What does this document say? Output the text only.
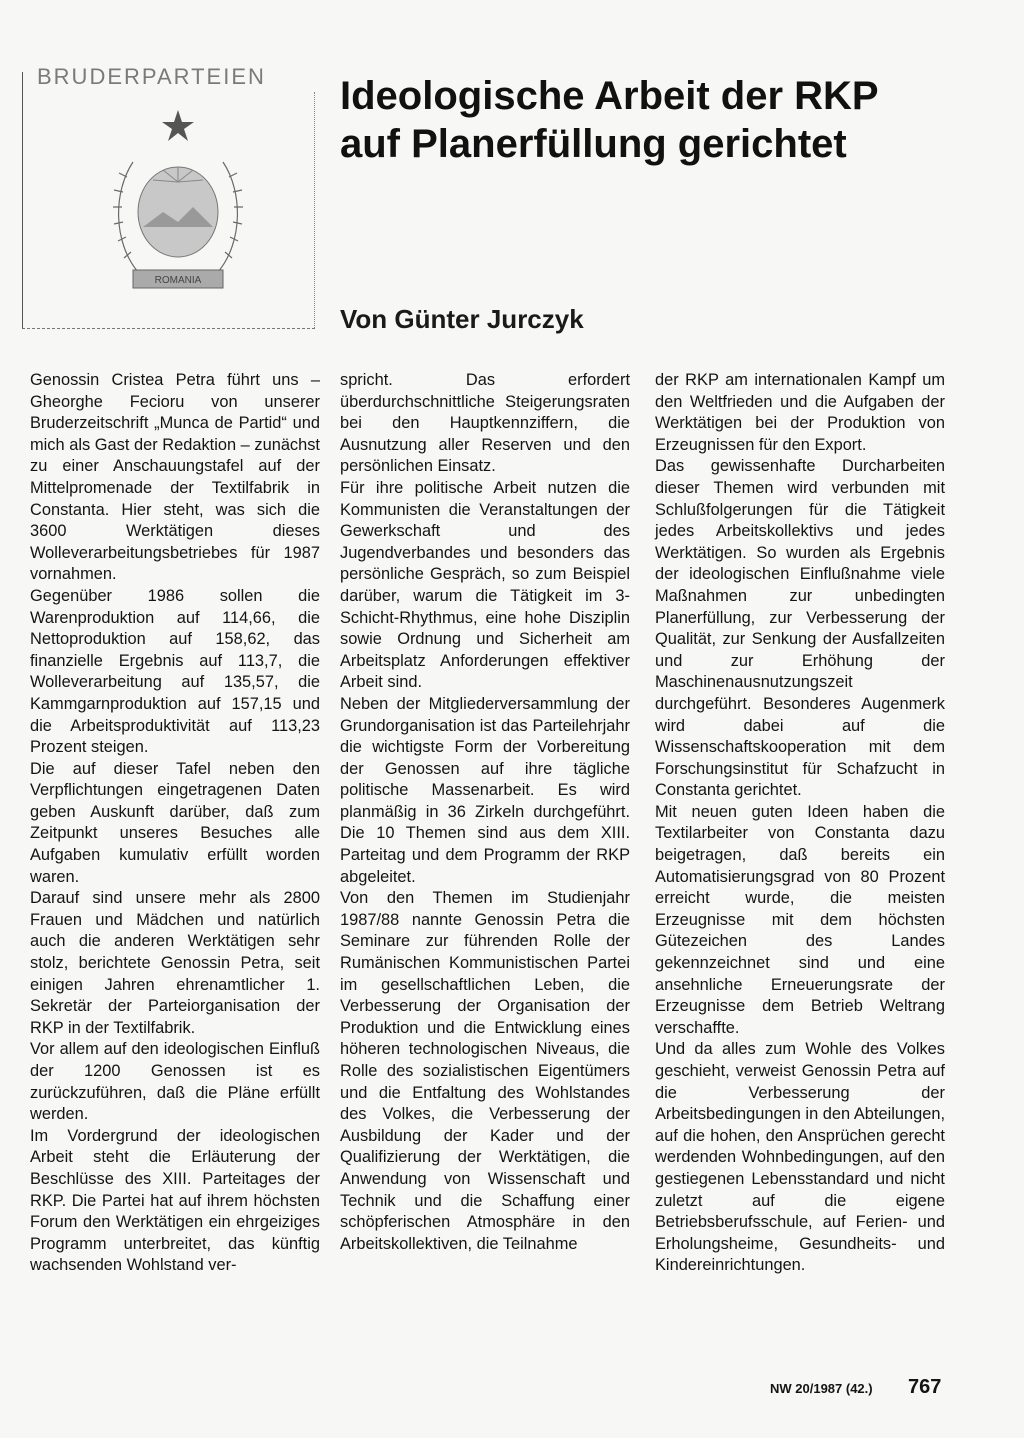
BRUDERPARTEIEN
ROMANIA
Ideologische Arbeit der RKP
auf Planerfüllung gerichtet
Von Günter Jurczyk

Genossin Cristea Petra führt uns – Gheorghe Fecioru von unserer Bruderzeitschrift „Munca de Partid“ und mich als Gast der Redaktion – zunächst zu einer Anschauungstafel auf der Mittelpromenade der Textilfabrik in Constanta. Hier steht, was sich die 3600 Werktätigen dieses Wolleverarbeitungsbetriebes für 1987 vornahmen.

Gegenüber 1986 sollen die Warenproduktion auf 114,66, die Nettoproduktion auf 158,62, das finanzielle Ergebnis auf 113,7, die Wolleverarbeitung auf 135,57, die Kammgarnproduktion auf 157,15 und die Arbeitsproduktivität auf 113,23 Prozent steigen.

Die auf dieser Tafel neben den Verpflichtungen eingetragenen Daten geben Auskunft darüber, daß zum Zeitpunkt unseres Besuches alle Aufgaben kumulativ erfüllt worden waren.

Darauf sind unsere mehr als 2800 Frauen und Mädchen und natürlich auch die anderen Werktätigen sehr stolz, berichtete Genossin Petra, seit einigen Jahren ehrenamtlicher 1. Sekretär der Parteiorganisation der RKP in der Textilfabrik.

Vor allem auf den ideologischen Einfluß der 1200 Genossen ist es zurückzuführen, daß die Pläne erfüllt werden.

Im Vordergrund der ideologischen Arbeit steht die Erläuterung der Beschlüsse des XIII. Parteitages der RKP. Die Partei hat auf ihrem höchsten Forum den Werktätigen ein ehrgeiziges Programm unterbreitet, das künftig wachsenden Wohlstand ver-

spricht. Das erfordert überdurchschnittliche Steigerungsraten bei den Hauptkennziffern, die Ausnutzung aller Reserven und den persönlichen Einsatz.

Für ihre politische Arbeit nutzen die Kommunisten die Veranstaltungen der Gewerkschaft und des Jugendverbandes und besonders das persönliche Gespräch, so zum Beispiel darüber, warum die Tätigkeit im 3-Schicht-Rhythmus, eine hohe Disziplin sowie Ordnung und Sicherheit am Arbeitsplatz Anforderungen effektiver Arbeit sind.

Neben der Mitgliederversammlung der Grundorganisation ist das Parteilehrjahr die wichtigste Form der Vorbereitung der Genossen auf ihre tägliche politische Massenarbeit. Es wird planmäßig in 36 Zirkeln durchgeführt. Die 10 Themen sind aus dem XIII. Parteitag und dem Programm der RKP abgeleitet.

Von den Themen im Studienjahr 1987/88 nannte Genossin Petra die Seminare zur führenden Rolle der Rumänischen Kommunistischen Partei im gesellschaftlichen Leben, die Verbesserung der Organisation der Produktion und die Entwicklung eines höheren technologischen Niveaus, die Rolle des sozialistischen Eigentümers und die Entfaltung des Wohlstandes des Volkes, die Verbesserung der Ausbildung der Kader und der Qualifizierung der Werktätigen, die Anwendung von Wissenschaft und Technik und die Schaffung einer schöpferischen Atmosphäre in den Arbeitskollektiven, die Teilnahme

der RKP am internationalen Kampf um den Weltfrieden und die Aufgaben der Werktätigen bei der Produktion von Erzeugnissen für den Export.

Das gewissenhafte Durcharbeiten dieser Themen wird verbunden mit Schlußfolgerungen für die Tätigkeit jedes Arbeitskollektivs und jedes Werktätigen. So wurden als Ergebnis der ideologischen Einflußnahme viele Maßnahmen zur unbedingten Planerfüllung, zur Verbesserung der Qualität, zur Senkung der Ausfallzeiten und zur Erhöhung der Maschinenausnutzungszeit durchgeführt. Besonderes Augenmerk wird dabei auf die Wissenschaftskooperation mit dem Forschungsinstitut für Schafzucht in Constanta gerichtet.

Mit neuen guten Ideen haben die Textilarbeiter von Constanta dazu beigetragen, daß bereits ein Automatisierungsgrad von 80 Prozent erreicht wurde, die meisten Erzeugnisse mit dem höchsten Gütezeichen des Landes gekennzeichnet sind und eine ansehnliche Erneuerungsrate der Erzeugnisse dem Betrieb Weltrang verschaffte.

Und da alles zum Wohle des Volkes geschieht, verweist Genossin Petra auf die Verbesserung der Arbeitsbedingungen in den Abteilungen, auf die hohen, den Ansprüchen gerecht werdenden Wohnbedingungen, auf den gestiegenen Lebensstandard und nicht zuletzt auf die eigene Betriebsberufsschule, auf Ferien- und Erholungsheime, Gesundheits- und Kindereinrichtungen.

NW 20/1987 (42.) 767
